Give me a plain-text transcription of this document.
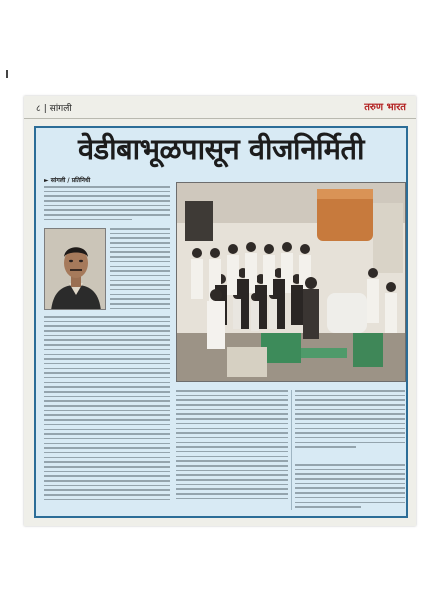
८ | सांगली	तरुण भारत
वेडीबाभूळपासून वीजनिर्मिती
► सांगली / प्रतिनिधी
